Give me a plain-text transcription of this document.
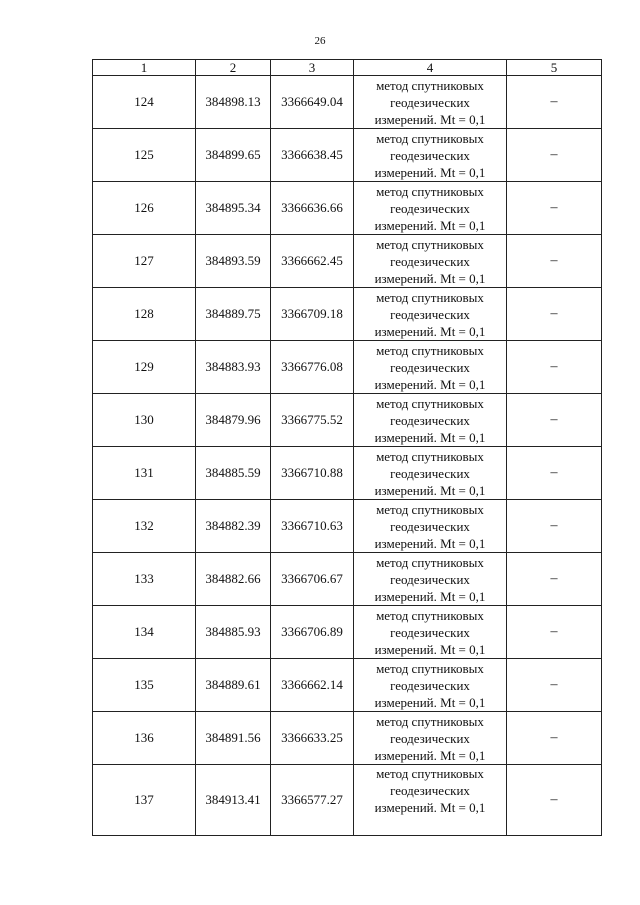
26
1	2	3	4	5
124	384898.13	3366649.04	метод спутниковых
геодезических
измерений. Mt = 0,1	–
125	384899.65	3366638.45	метод спутниковых
геодезических
измерений. Mt = 0,1	–
126	384895.34	3366636.66	метод спутниковых
геодезических
измерений. Mt = 0,1	–
127	384893.59	3366662.45	метод спутниковых
геодезических
измерений. Mt = 0,1	–
128	384889.75	3366709.18	метод спутниковых
геодезических
измерений. Mt = 0,1	–
129	384883.93	3366776.08	метод спутниковых
геодезических
измерений. Mt = 0,1	–
130	384879.96	3366775.52	метод спутниковых
геодезических
измерений. Mt = 0,1	–
131	384885.59	3366710.88	метод спутниковых
геодезических
измерений. Mt = 0,1	–
132	384882.39	3366710.63	метод спутниковых
геодезических
измерений. Mt = 0,1	–
133	384882.66	3366706.67	метод спутниковых
геодезических
измерений. Mt = 0,1	–
134	384885.93	3366706.89	метод спутниковых
геодезических
измерений. Mt = 0,1	–
135	384889.61	3366662.14	метод спутниковых
геодезических
измерений. Mt = 0,1	–
136	384891.56	3366633.25	метод спутниковых
геодезических
измерений. Mt = 0,1	–
137	384913.41	3366577.27	метод спутниковых
геодезических
измерений. Mt = 0,1	–
